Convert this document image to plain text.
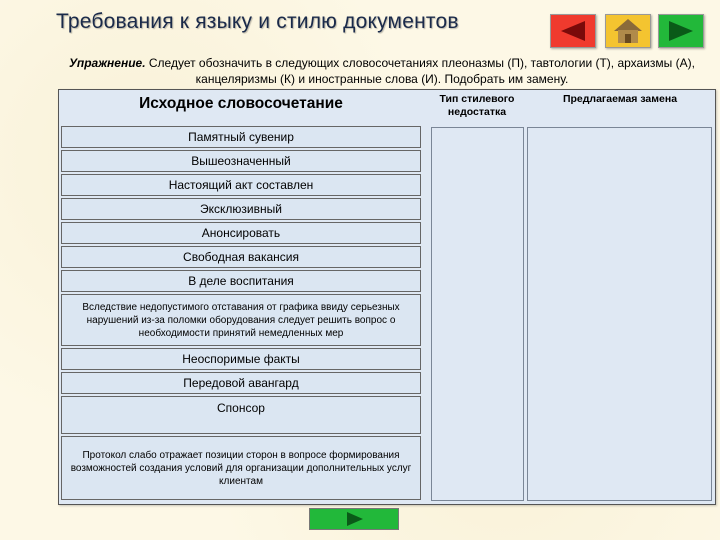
Требования к языку и стилю документов
Упражнение. Следует обозначить в следующих словосочетаниях плеоназмы (П), тавтологии (Т), архаизмы (А), канцеляризмы (К) и иностранные слова (И). Подобрать им замену.
Исходное словосочетание	Тип стилевого недостатка
Предлагаемая замена
Памятный сувенир
Вышеозначенный
Настоящий акт составлен
Эксклюзивный
Анонсировать
Свободная вакансия
В деле воспитания
Вследствие недопустимого отставания от графика ввиду серьезных нарушений из-за поломки оборудования следует решить вопрос о необходимости принятий немедленных мер
Неоспоримые факты
Передовой авангард
Спонсор
Протокол слабо отражает позиции сторон в вопросе формирования возможностей создания условий для организации дополнительных услуг клиентам
